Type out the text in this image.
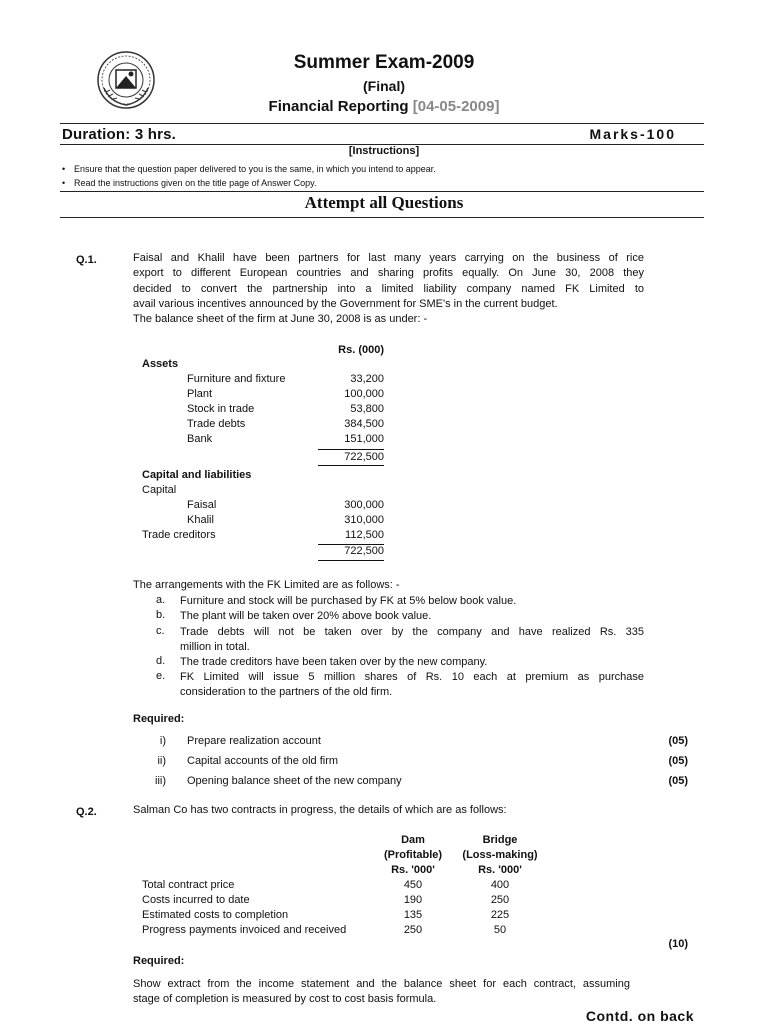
Summer Exam-2009
(Final)
Financial Reporting [04-05-2009]
Duration: 3 hrs.	Marks-100
[Instructions]
• Ensure that the question paper delivered to you is the same, in which you intend to appear.
• Read the instructions given on the title page of Answer Copy.
Attempt all Questions
Q.1.	Faisal and Khalil have been partners for last many years carrying on the business of rice
export to different European countries and sharing profits equally. On June 30, 2008 they
decided to convert the partnership into a limited liability company named FK Limited to
avail various incentives announced by the Government for SME's in the current budget.
The balance sheet of the firm at June 30, 2008 is as under: -
Rs. (000)
Assets
Furniture and fixture	33,200
Plant	100,000
Stock in trade	53,800
Trade debts	384,500
Bank	151,000
722,500
Capital and liabilities
Capital
Faisal	300,000
Khalil	310,000
Trade creditors	112,500
722,500
The arrangements with the FK Limited are as follows: -
a.	Furniture and stock will be purchased by FK at 5% below book value.
b.	The plant will be taken over 20% above book value.
c.	Trade debts will not be taken over by the company and have realized Rs. 335
million in total.
d.	The trade creditors have been taken over by the new company.
e.	FK Limited will issue 5 million shares of Rs. 10 each at premium as purchase
consideration to the partners of the old firm.
Required:
i) Prepare realization account	(05)
ii) Capital accounts of the old firm	(05)
iii) Opening balance sheet of the new company	(05)
Q.2.	Salman Co has two contracts in progress, the details of which are as follows:
Dam
(Profitable)
Rs. '000'
Bridge
(Loss-making)
Rs. '000'
Total contract price	450	400
Costs incurred to date	190	250
Estimated costs to completion	135	225
Progress payments invoiced and received	250	50
(10)
Required:
Show extract from the income statement and the balance sheet for each contract, assuming
stage of completion is measured by cost to cost basis formula.
Contd. on back
